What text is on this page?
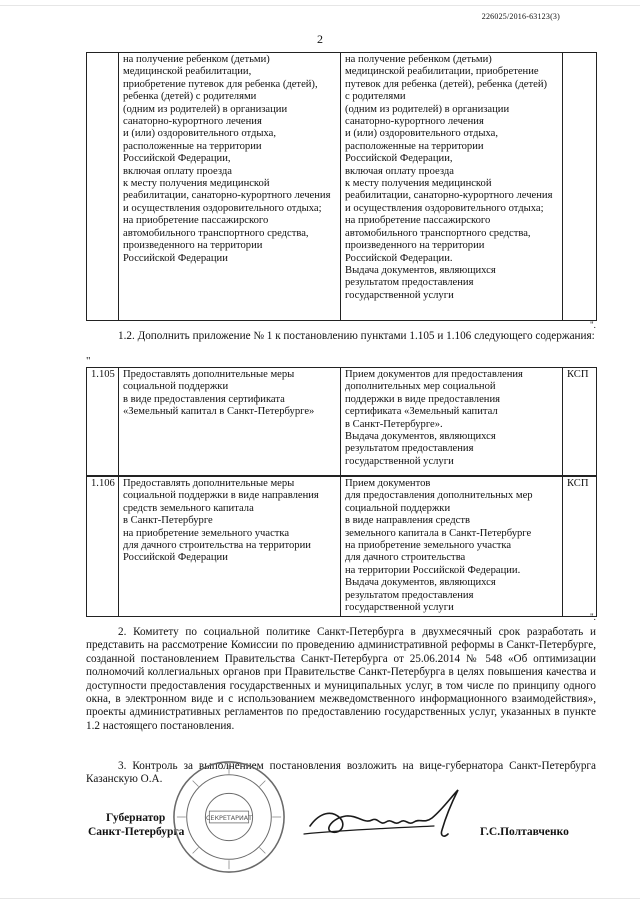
226025/2016-63123(3)
2
	на получение ребенком (детьми)
медицинской реабилитации,
приобретение путевок для ребенка (детей),
ребенка (детей) с родителями
(одним из родителей) в организации
санаторно-курортного лечения
и (или) оздоровительного отдыха,
расположенные на территории
Российской Федерации,
включая оплату проезда
к месту получения медицинской
реабилитации, санаторно-курортного лечения
и осуществления оздоровительного отдыха;
на приобретение пассажирского
автомобильного транспортного средства,
произведенного на территории
Российской Федерации	на получение ребенком (детьми)
медицинской реабилитации, приобретение
путевок для ребенка (детей), ребенка (детей)
с родителями
(одним из родителей) в организации
санаторно-курортного лечения
и (или) оздоровительного отдыха,
расположенные на территории
Российской Федерации,
включая оплату проезда
к месту получения медицинской
реабилитации, санаторно-курортного лечения
и осуществления оздоровительного отдыха;
на приобретение пассажирского
автомобильного транспортного средства,
произведенного на территории
Российской Федерации.
Выдача документов, являющихся
результатом предоставления
государственной услуги	
".
1.2. Дополнить приложение № 1 к постановлению пунктами 1.105 и 1.106 следующего содержания:
"
1.105	Предоставлять дополнительные меры
социальной поддержки
в виде предоставления сертификата
«Земельный капитал в Санкт-Петербурге»	Прием документов для предоставления
дополнительных мер социальной
поддержки в виде предоставления
сертификата «Земельный капитал
в Санкт-Петербурге».
Выдача документов, являющихся
результатом предоставления
государственной услуги	КСП
1.106	Предоставлять дополнительные меры
социальной поддержки в виде направления
средств земельного капитала
в Санкт-Петербурге
на приобретение земельного участка
для дачного строительства на территории
Российской Федерации	Прием документов
для предоставления дополнительных мер
социальной поддержки
в виде направления средств
земельного капитала в Санкт-Петербурге
на приобретение земельного участка
для дачного строительства
на территории Российской Федерации.
Выдача документов, являющихся
результатом предоставления
государственной услуги	КСП
".
2. Комитету по социальной политике Санкт-Петербурга в двухмесячный срок разработать и представить на рассмотрение Комиссии по проведению административной реформы в Санкт-Петербурге, созданной постановлением Правительства Санкт-Петербурга от 25.06.2014 № 548 «Об оптимизации полномочий коллегиальных органов при Правительстве Санкт-Петербурга в целях повышения качества и доступности предоставления государственных и муниципальных услуг, в том числе по принципу одного окна, в электронном виде и с использованием межведомственного информационного взаимодействия», проекты административных регламентов по предоставлению государственных услуг, указанных в пункте 1.2 настоящего постановления.
3. Контроль за выполнением постановления возложить на вице-губернатора Санкт-Петербурга Казанскую О.А.
Губернатор
Санкт-Петербурга	Г.С.Полтавченко
СЕКРЕТАРИАТ
